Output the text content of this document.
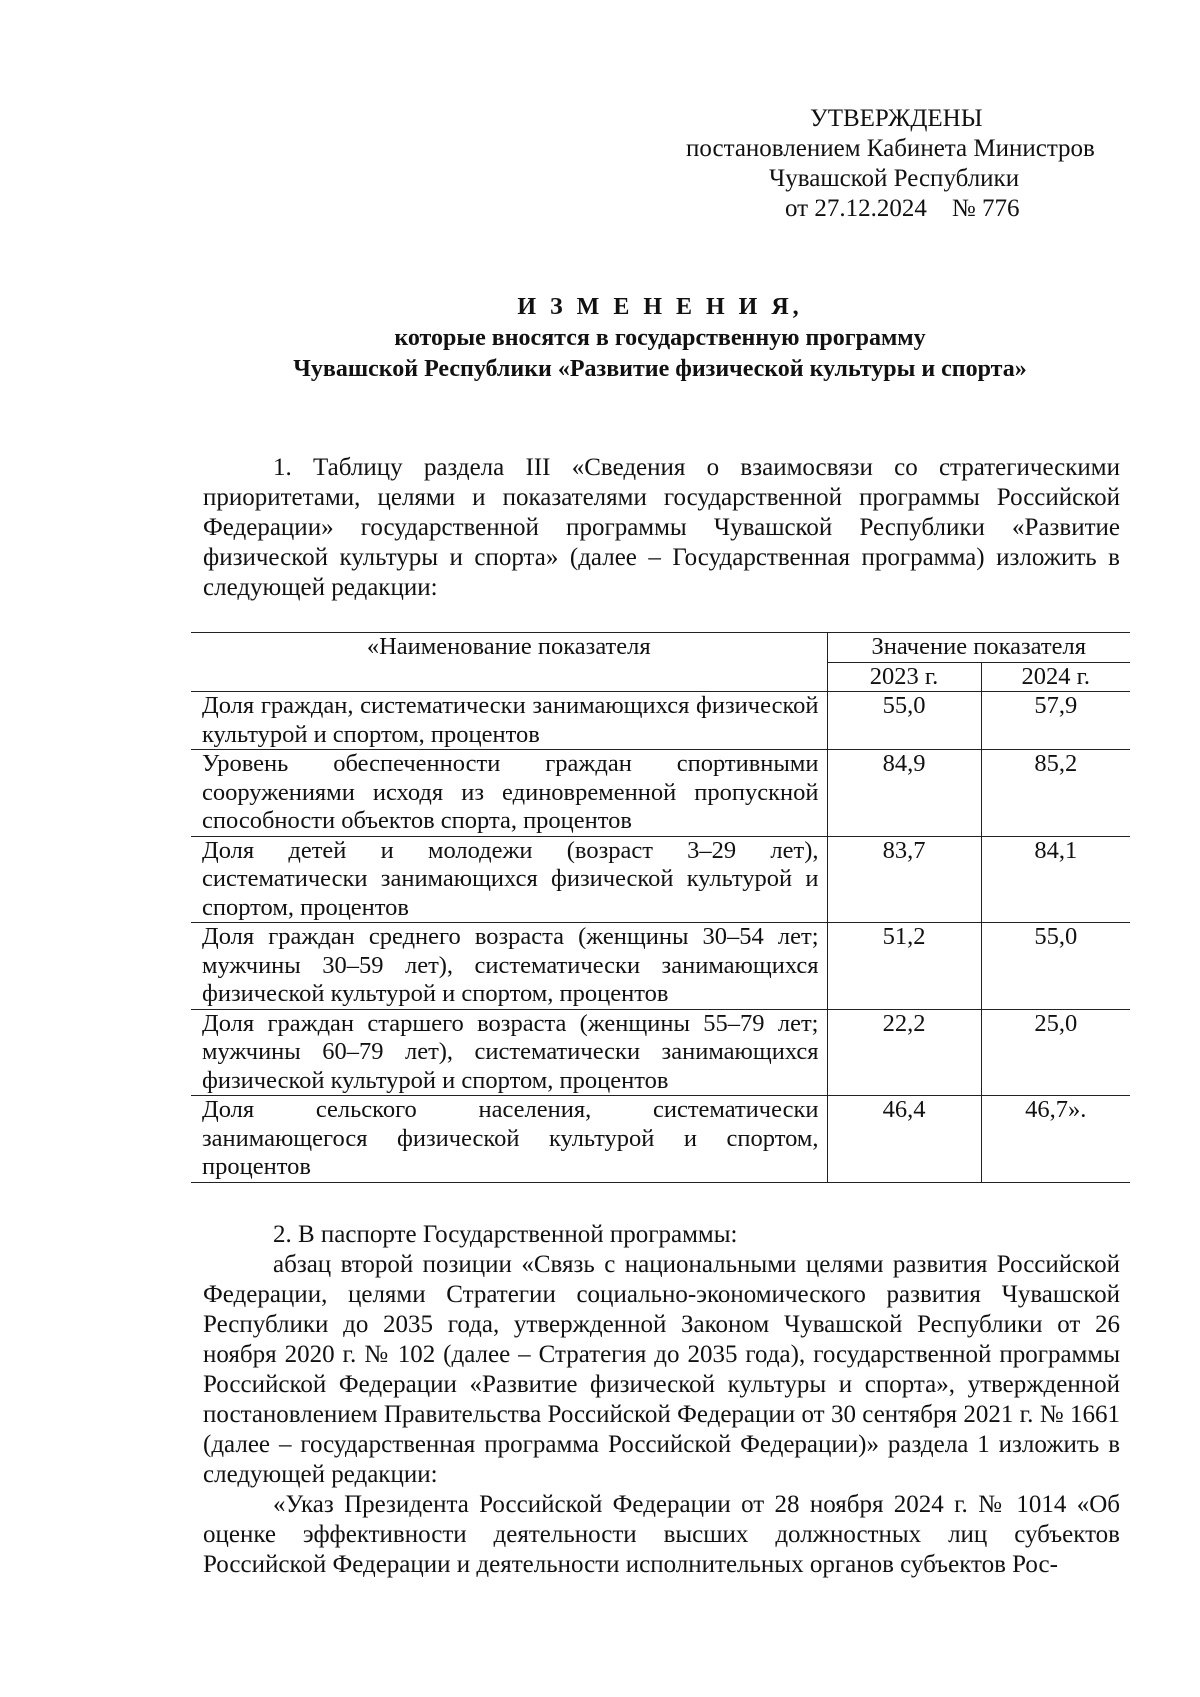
УТВЕРЖДЕНЫ
постановлением Кабинета Министров
Чувашской Республики
от 27.12.2024    № 776
И З М Е Н Е Н И Я,
которые вносятся в государственную программу
Чувашской Республики «Развитие физической культуры и спорта»

1. Таблицу раздела III «Сведения о взаимосвязи со стратегическими приоритетами, целями и показателями государственной программы Российской Федерации» государственной программы Чувашской Республики «Развитие физической культуры и спорта» (далее – Государственная программа) изложить в следующей редакции:

«Наименование показателя	Значение показателя	
	2023 г.	2024 г.
Доля граждан, систематически занимающихся физической культурой и спортом, процентов	55,0	57,9
Уровень обеспеченности граждан спортивными сооружениями исходя из единовременной пропускной способности объектов спорта, процентов	84,9	85,2
Доля детей и молодежи (возраст 3–29 лет), систематически занимающихся физической культурой и спортом, процентов	83,7	84,1
Доля граждан среднего возраста (женщины 30–54 лет; мужчины 30–59 лет), систематически занимающихся физической культурой и спортом, процентов	51,2	55,0
Доля граждан старшего возраста (женщины 55–79 лет; мужчины 60–79 лет), систематически занимающихся физической культурой и спортом, процентов	22,2	25,0
Доля сельского населения, систематически занимающегося физической культурой и спортом, процентов	46,4	46,7».

2. В паспорте Государственной программы:

абзац второй позиции «Связь с национальными целями развития Российской Федерации, целями Стратегии социально-экономического развития Чувашской Республики до 2035 года, утвержденной Законом Чувашской Республики от 26 ноября 2020 г. № 102 (далее – Стратегия до 2035 года), государственной программы Российской Федерации «Развитие физической культуры и спорта», утвержденной постановлением Правительства Российской Федерации от 30 сентября 2021 г. № 1661 (далее – государственная программа Российской Федерации)» раздела 1 изложить в следующей редакции:

«Указ Президента Российской Федерации от 28 ноября 2024 г. № 1014 «Об оценке эффективности деятельности высших должностных лиц субъектов Российской Федерации и деятельности исполнительных органов субъектов Рос-
